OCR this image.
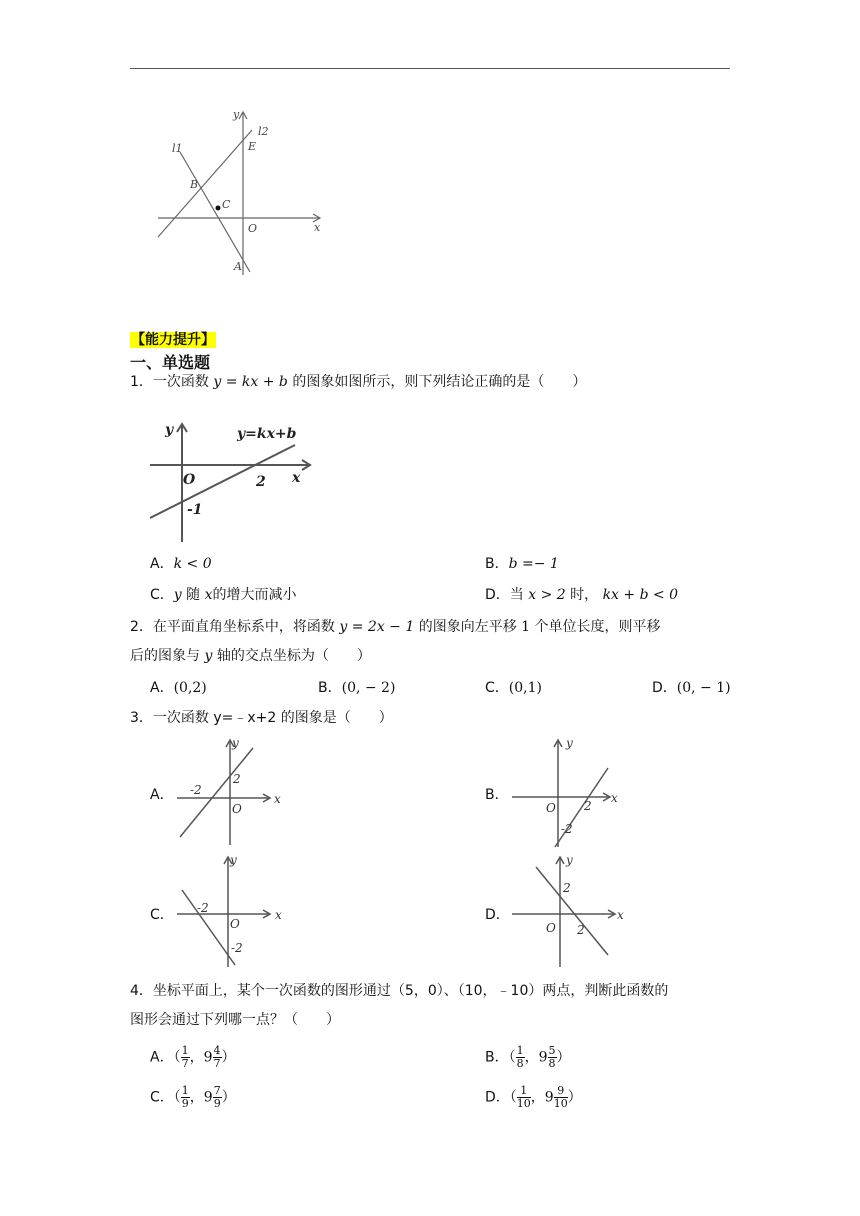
y
l2
l1	E
B
C
O	x
A
【能力提升】
一、单选题
1．一次函数 y = kx + b 的图象如图所示，则下列结论正确的是（　　）
y	y=kx+b
O	2 x
-1
A．k < 0	B．b =− 1
C．y 随 x的增大而减小	D．当 x > 2 时， kx + b < 0
2．在平面直角坐标系中，将函数 y = 2x − 1 的图象向左平移 1 个单位长度，则平移
后的图象与 y 轴的交点坐标为（　　）
A．(0,2)	B．(0, − 2)	C．(0,1)	D．(0, − 1)
3．一次函数 y=﹣x+2 的图象是（　　）
A．
y
x
O
-2
2
B．
y
x
O 2
-2
C．
y
x
O
-2
-2
D．
y
x
O
2
2
4．坐标平面上，某个一次函数的图形通过（5，0）、（10，﹣10）两点，判断此函数的
图形会通过下列哪一点？（　　）
A．（ $\frac{1}{7}$ ，$9 \frac{4}{7}$ ）	B．（ $\frac{1}{8}$ ，$9 \frac{5}{8}$ ）
C．（ $\frac{1}{9}$ ，$9 \frac{7}{9}$ ）	D．（ $\frac{1}{10}$ ，$9 \frac{9}{10}$ ）
